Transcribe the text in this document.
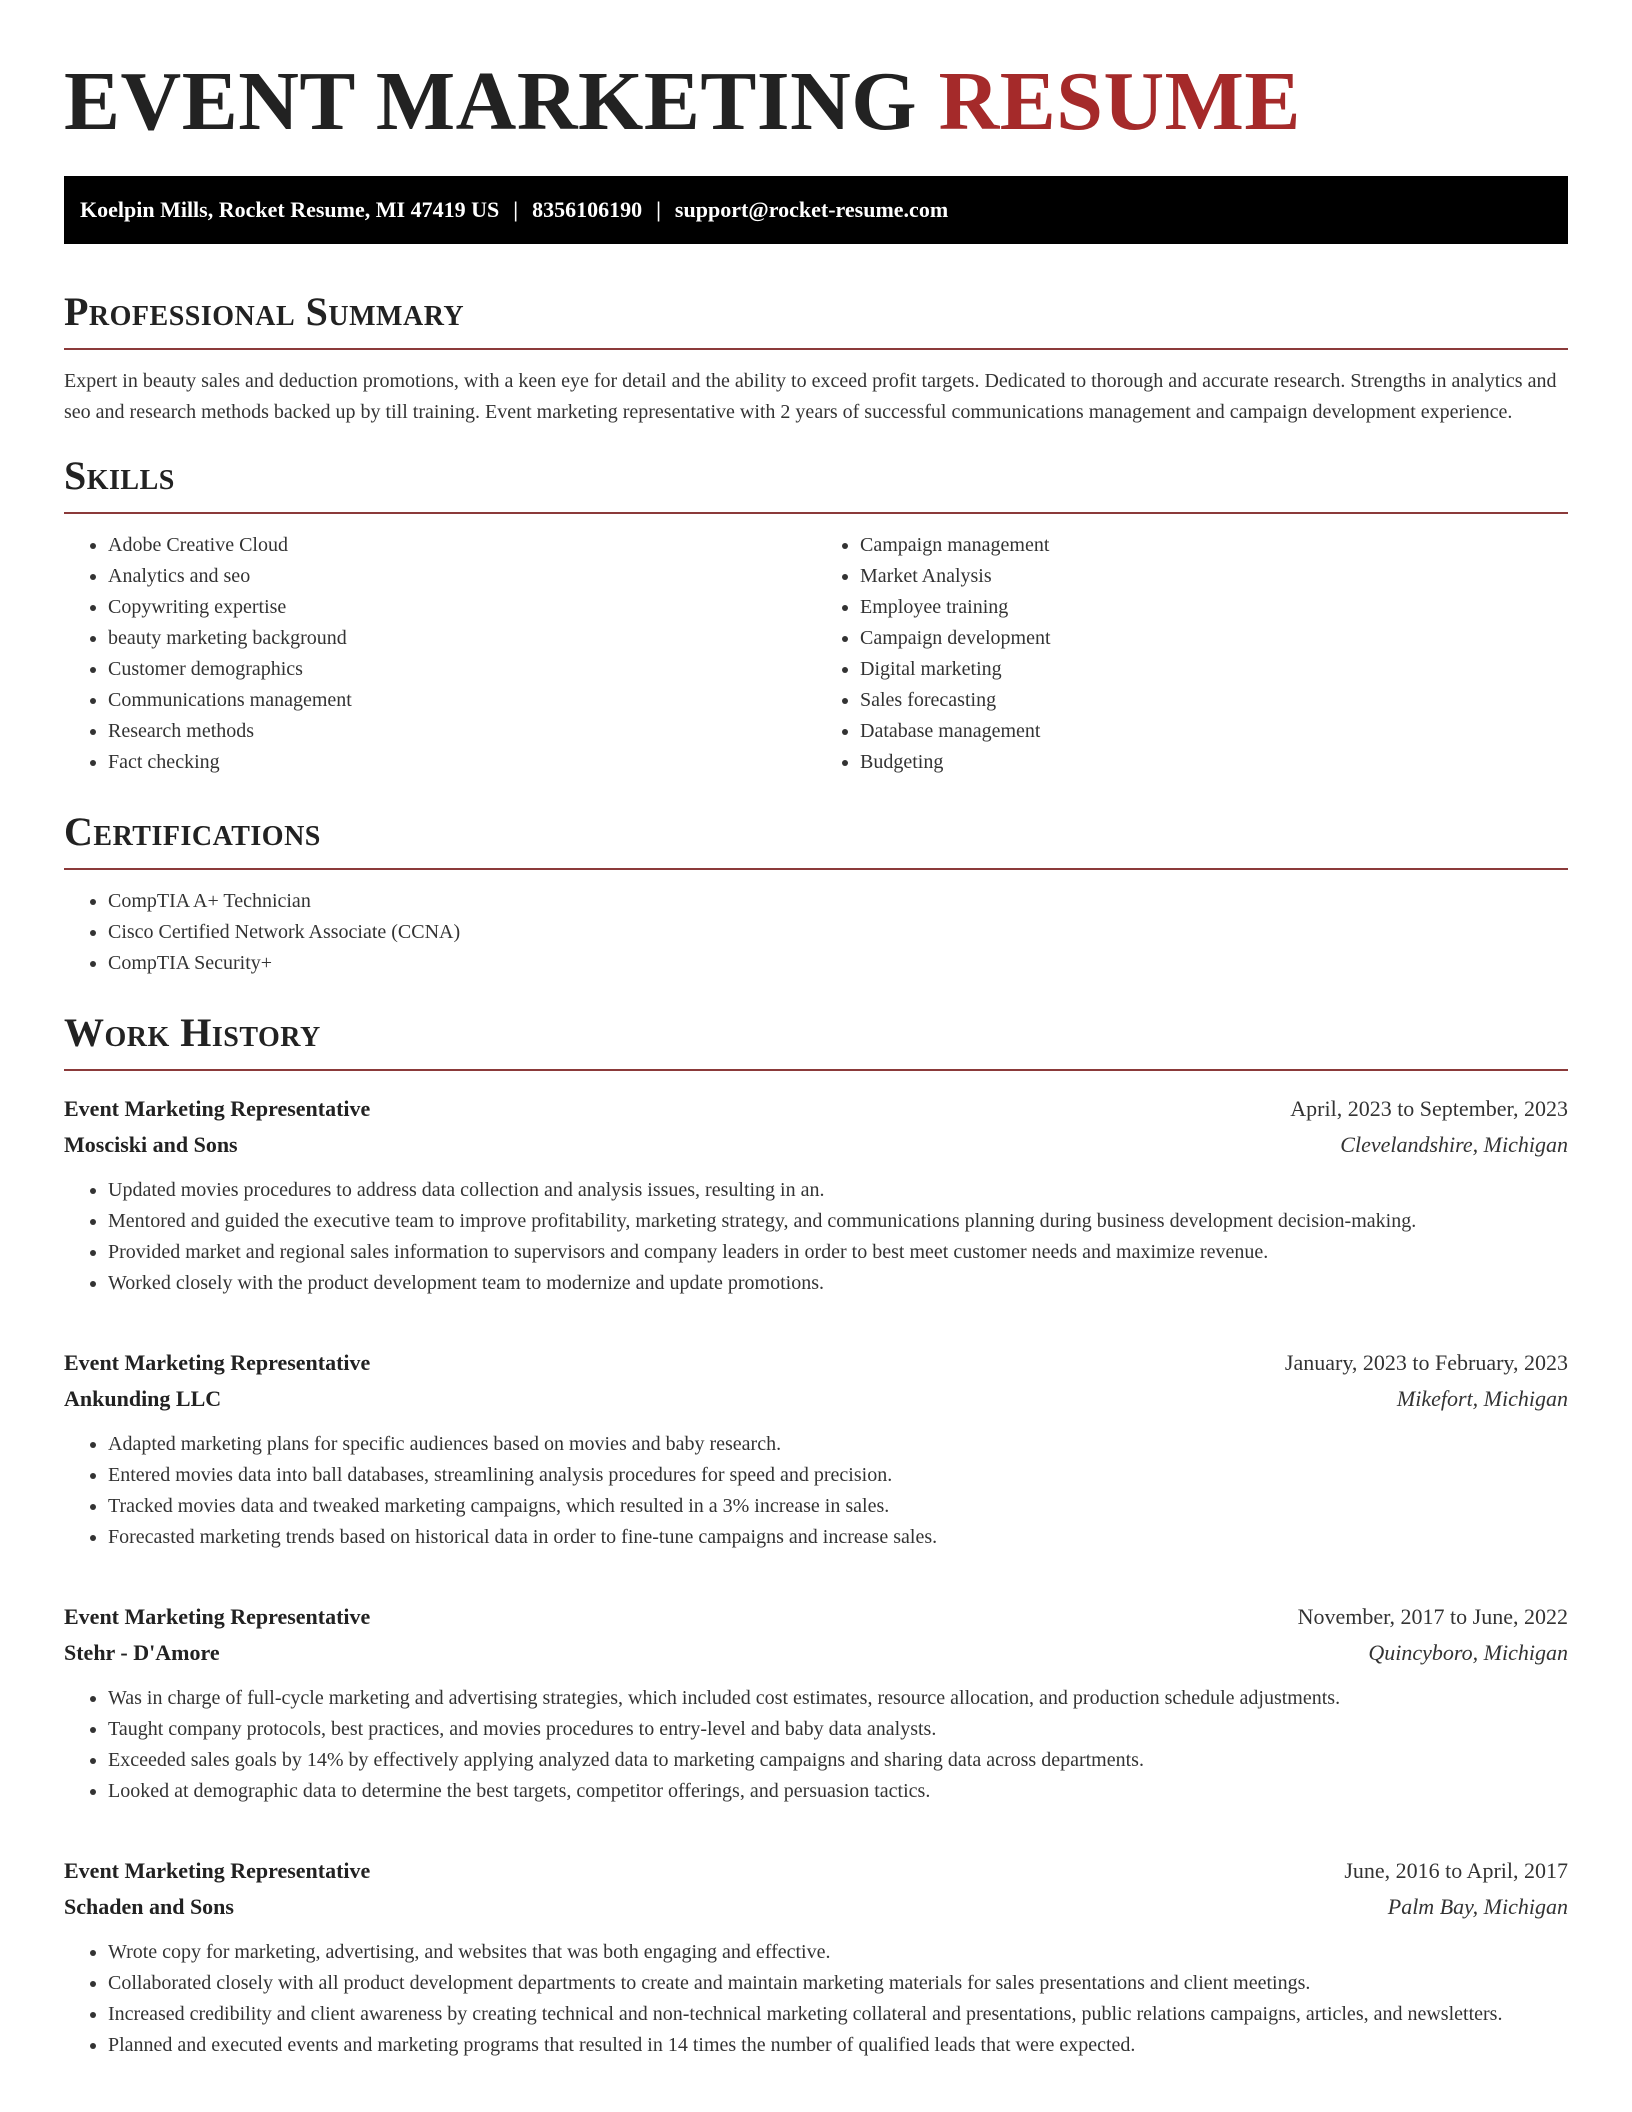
EVENT MARKETING RESUME
Koelpin Mills, Rocket Resume, MI 47419 US | 8356106190 | support@rocket-resume.com
Professional Summary

Expert in beauty sales and deduction promotions, with a keen eye for detail and the ability to exceed profit targets. Dedicated to thorough and accurate research. Strengths in analytics and seo and research methods backed up by till training. Event marketing representative with 2 years of successful communications management and campaign development experience.

Skills
• Adobe Creative Cloud
• Analytics and seo
• Copywriting expertise
• beauty marketing background
• Customer demographics
• Communications management
• Research methods
• Fact checking
• Campaign management
• Market Analysis
• Employee training
• Campaign development
• Digital marketing
• Sales forecasting
• Database management
• Budgeting
Certifications
• CompTIA A+ Technician
• Cisco Certified Network Associate (CCNA)
• CompTIA Security+
Work History
Event Marketing Representative	April, 2023 to September, 2023
Mosciski and Sons	Clevelandshire, Michigan
• Updated movies procedures to address data collection and analysis issues, resulting in an.
• Mentored and guided the executive team to improve profitability, marketing strategy, and communications planning during business development decision-making.
• Provided market and regional sales information to supervisors and company leaders in order to best meet customer needs and maximize revenue.
• Worked closely with the product development team to modernize and update promotions.
Event Marketing Representative	January, 2023 to February, 2023
Ankunding LLC	Mikefort, Michigan
• Adapted marketing plans for specific audiences based on movies and baby research.
• Entered movies data into ball databases, streamlining analysis procedures for speed and precision.
• Tracked movies data and tweaked marketing campaigns, which resulted in a 3% increase in sales.
• Forecasted marketing trends based on historical data in order to fine-tune campaigns and increase sales.
Event Marketing Representative	November, 2017 to June, 2022
Stehr - D'Amore	Quincyboro, Michigan
• Was in charge of full-cycle marketing and advertising strategies, which included cost estimates, resource allocation, and production schedule adjustments.
• Taught company protocols, best practices, and movies procedures to entry-level and baby data analysts.
• Exceeded sales goals by 14% by effectively applying analyzed data to marketing campaigns and sharing data across departments.
• Looked at demographic data to determine the best targets, competitor offerings, and persuasion tactics.
Event Marketing Representative	June, 2016 to April, 2017
Schaden and Sons	Palm Bay, Michigan
• Wrote copy for marketing, advertising, and websites that was both engaging and effective.
• Collaborated closely with all product development departments to create and maintain marketing materials for sales presentations and client meetings.
• Increased credibility and client awareness by creating technical and non-technical marketing collateral and presentations, public relations campaigns, articles, and newsletters.
• Planned and executed events and marketing programs that resulted in 14 times the number of qualified leads that were expected.
